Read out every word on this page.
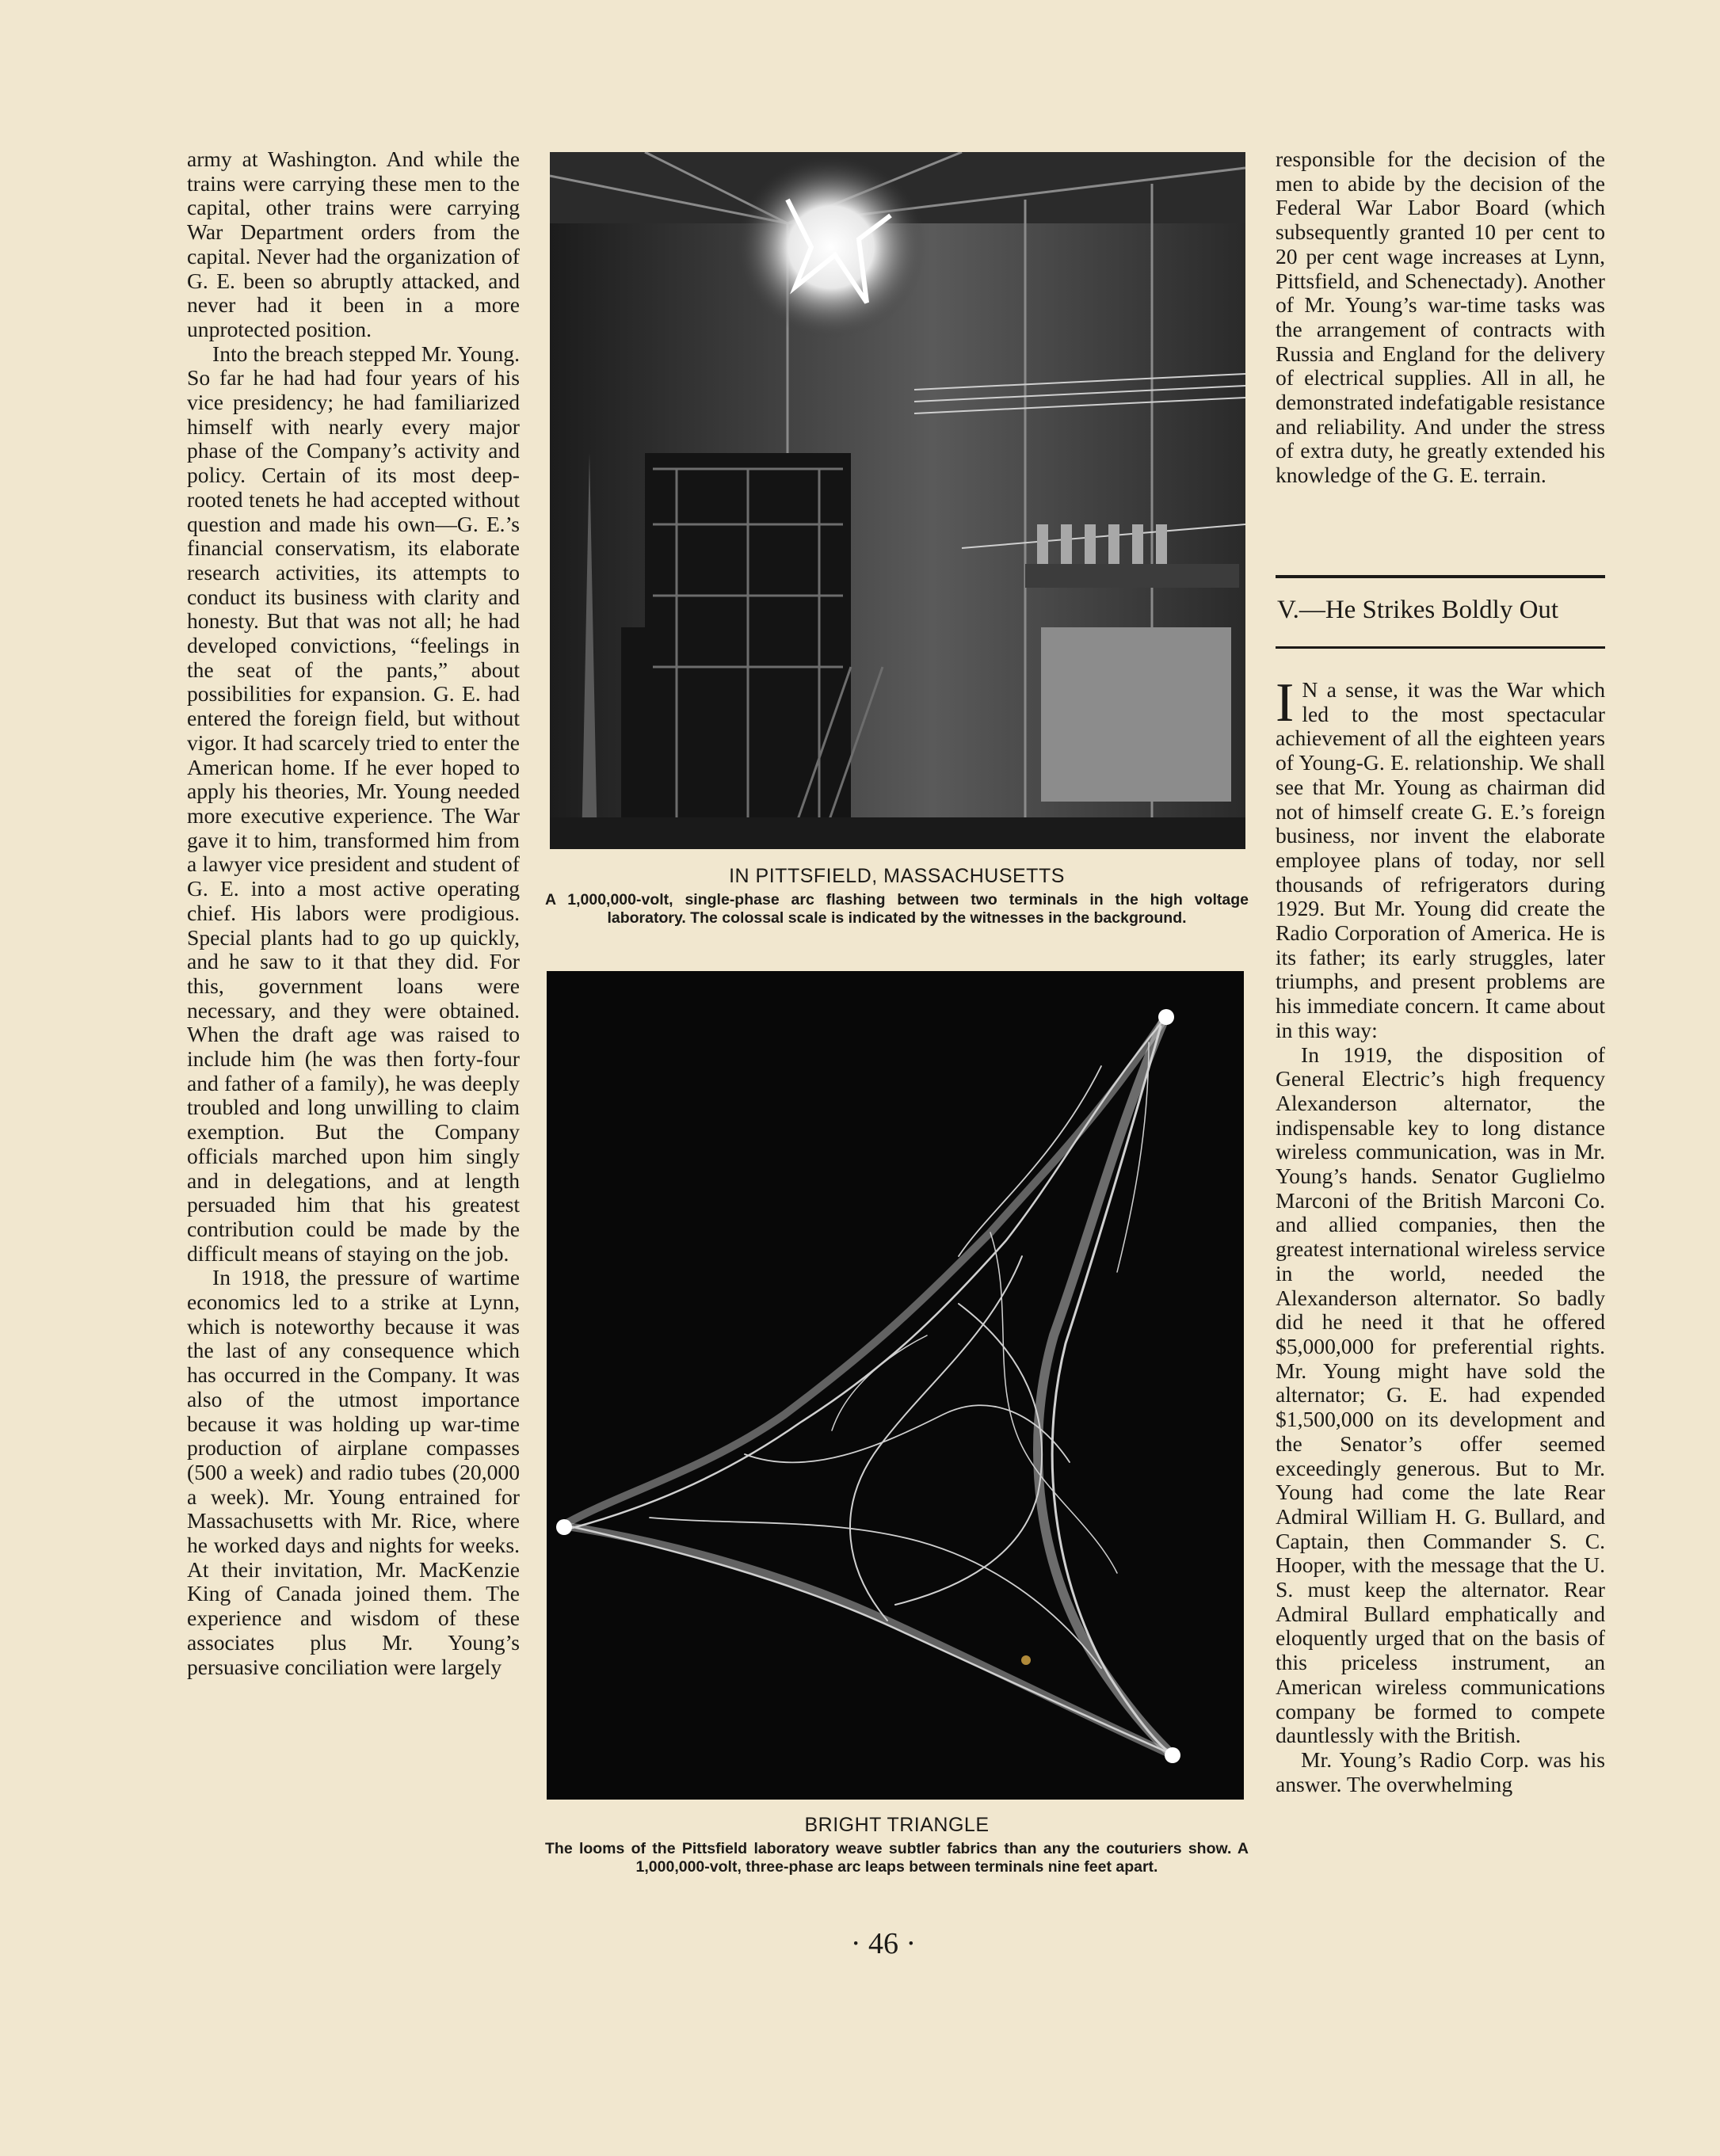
army at Washington. And while the trains were carrying these men to the capital, other trains were carrying War Department orders from the capital. Never had the organization of G. E. been so abruptly attacked, and never had it been in a more unprotected position.

Into the breach stepped Mr. Young. So far he had had four years of his vice presidency; he had familiarized himself with nearly every major phase of the Company’s activity and policy. Certain of its most deep-rooted tenets he had accepted without question and made his own—G. E.’s financial conservatism, its elaborate research activities, its attempts to conduct its business with clarity and honesty. But that was not all; he had developed convictions, “feelings in the seat of the pants,” about possibilities for expansion. G. E. had entered the foreign field, but without vigor. It had scarcely tried to enter the American home. If he ever hoped to apply his theories, Mr. Young needed more executive experience. The War gave it to him, transformed him from a lawyer vice president and student of G. E. into a most active operating chief. His labors were prodigious. Special plants had to go up quickly, and he saw to it that they did. For this, government loans were necessary, and they were obtained. When the draft age was raised to include him (he was then forty-four and father of a family), he was deeply troubled and long unwilling to claim exemption. But the Company officials marched upon him singly and in delegations, and at length persuaded him that his greatest contribution could be made by the difficult means of staying on the job.

In 1918, the pressure of wartime economics led to a strike at Lynn, which is noteworthy because it was the last of any consequence which has occurred in the Company. It was also of the utmost importance because it was holding up war-time production of airplane compasses (500 a week) and radio tubes (20,000 a week). Mr. Young entrained for Massachusetts with Mr. Rice, where he worked days and nights for weeks. At their invitation, Mr. MacKenzie King of Canada joined them. The experience and wisdom of these associates plus Mr. Young’s persuasive conciliation were largely

IN PITTSFIELD, MASSACHUSETTS
A 1,000,000-volt, single-phase arc flashing between two terminals in the high voltage laboratory. The colossal scale is indicated by the witnesses in the background.
BRIGHT TRIANGLE
The looms of the Pittsfield laboratory weave subtler fabrics than any the couturiers show. A 1,000,000-volt, three-phase arc leaps between terminals nine feet apart.

responsible for the decision of the men to abide by the decision of the Federal War Labor Board (which subsequently granted 10 per cent to 20 per cent wage increases at Lynn, Pittsfield, and Schenectady). Another of Mr. Young’s war-time tasks was the arrangement of contracts with Russia and England for the delivery of electrical supplies. All in all, he demonstrated indefatigable resistance and reliability. And under the stress of extra duty, he greatly extended his knowledge of the G. E. terrain.

V.—He Strikes Boldly Out

I N a sense, it was the War which led to the most spectacular achievement of all the eighteen years of Young-G. E. relationship. We shall see that Mr. Young as chairman did not of himself create G. E.’s foreign business, nor invent the elaborate employee plans of today, nor sell thousands of refrigerators during 1929. But Mr. Young did create the Radio Corporation of America. He is its father; its early struggles, later triumphs, and present problems are his immediate concern. It came about in this way:

In 1919, the disposition of General Electric’s high frequency Alexanderson alternator, the indispensable key to long distance wireless communication, was in Mr. Young’s hands. Senator Guglielmo Marconi of the British Marconi Co. and allied companies, then the greatest international wireless service in the world, needed the Alexanderson alternator. So badly did he need it that he offered $5,000,000 for preferential rights. Mr. Young might have sold the alternator; G. E. had expended $1,500,000 on its development and the Senator’s offer seemed exceedingly generous. But to Mr. Young had come the late Rear Admiral William H. G. Bullard, and Captain, then Commander S. C. Hooper, with the message that the U. S. must keep the alternator. Rear Admiral Bullard emphatically and eloquently urged that on the basis of this priceless instrument, an American wireless communications company be formed to compete dauntlessly with the British.

Mr. Young’s Radio Corp. was his answer. The overwhelming

· 46 ·
